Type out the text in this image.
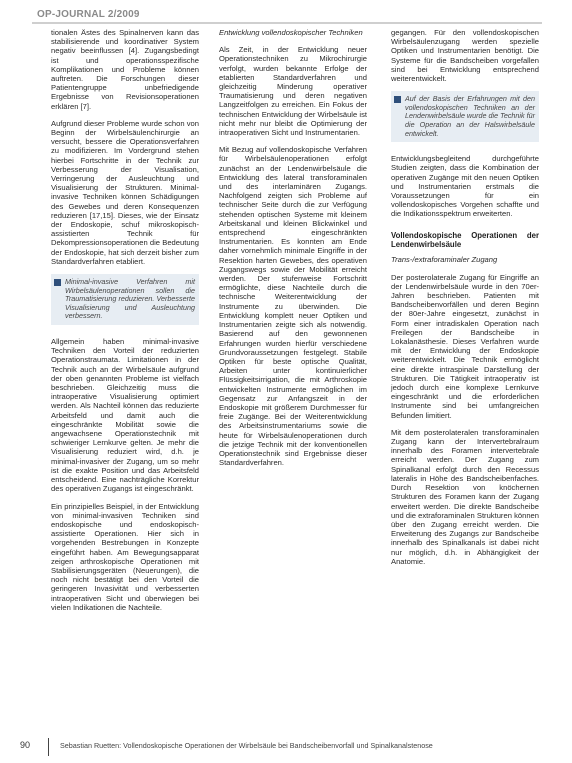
OP-JOURNAL 2/2009

tionalen Ästes des Spinalnerven kann das stabilisierende und koordinativer System negativ beeinflussen [4]. Zugangsbedingt ist und operationsspezifische Komplikationen und Probleme können auftreten. Die Forschungen dieser Patientengruppe unbefriedigende Ergebnisse von Revisionsoperationen erklären [7].

Aufgrund dieser Probleme wurde schon von Beginn der Wirbelsäulenchirurgie an versucht, bessere die Operationsverfahren zu modifizieren. Im Vordergrund stehen hierbei Fortschritte in der Technik zur Verbesserung der Visualisation, Verringerung der Ausleuchtung und Visualisierung der Strukturen. Minimal-invasive Techniken können Schädigungen des Gewebes und deren Konsequenzen reduzieren [17,15]. Dieses, wie der Einsatz der Endoskopie, schuf mikroskopisch-assistierten Technik für Dekompressionsoperationen die Bedeutung der Endoskopie, hat sich derzeit bisher zum Standardverfahren etabliert.

Minimal-invasive Verfahren mit Wirbelsäulenoperationen sollen die Traumatisierung reduzieren. Verbesserte Visualisierung und Ausleuchtung verbessern.

Allgemein haben minimal-invasive Techniken den Vorteil der reduzierten Operationstraumata. Limitationen in der Technik auch an der Wirbelsäule aufgrund der oben genannten Probleme ist vielfach beschrieben. Gleichzeitig muss die intraoperative Visualisierung optimiert werden. Als Nachteil können das reduzierte Arbeitsfeld und damit auch die eingeschränkte Mobilität sowie die angewachsene Operationstechnik mit schwieriger Lernkurve gelten. Je mehr die Visualisierung reduziert wird, d.h. je minimal-invasiver der Zugang, um so mehr ist die exakte Position und das Arbeitsfeld entscheidend. Eine nachträgliche Korrektur des operativen Zugangs ist eingeschränkt.

Ein prinzipielles Beispiel, in der Entwicklung von minimal-invasiven Techniken sind endoskopische und endoskopisch-assistierte Operationen. Hier sich in vorgehenden Bestrebungen in Konzepte eingeführt haben. Am Bewegungsapparat zeigen arthroskopische Operationen mit Stabilisierungsgeräten (Neuerungen), die noch nicht bestätigt bei den Vorteil die geringeren Invasivität und verbesserten intraoperativen Sicht und überwiegen bei vielen Indikationen die Nachteile.

Entwicklung vollendoskopischer Techniken

Als Zeit, in der Entwicklung neuer Operationstechniken zu Mikrochirurgie verfolgt, wurden bekannte Erfolge der etablierten Standardverfahren und gleichzeitig Minderung operativer Traumatisierung und deren negativen Langzeitfolgen zu erreichen. Ein Fokus der technischen Entwicklung der Wirbelsäule ist nicht mehr nur bleibt die Optimierung der intraoperativen Sicht und Instrumentarien.

Mit Bezug auf vollendoskopische Verfahren für Wirbelsäulenoperationen erfolgt zunächst an der Lendenwirbelsäule die Entwicklung des lateral transforaminalen und des interlaminären Zugangs. Nachfolgend zeigten sich Probleme auf technischer Seite durch die zur Verfügung stehenden optischen Systeme mit kleinem Arbeitskanal und kleinen Blickwinkel und entsprechend eingeschränkten Instrumentarien. Es konnten am Ende daher vornehmlich minimale Eingriffe in der Resektion harten Gewebes, des operativen Zugangswegs sowie der Mobilität erreicht werden. Der stufenweise Fortschritt ermöglichte, diese Nachteile durch die technische Weiterentwicklung der Instrumente zu überwinden. Die Entwicklung komplett neuer Optiken und Instrumentarien zeigte sich als notwendig. Basierend auf den gewonnenen Erfahrungen wurden hierfür verschiedene Grundvoraussetzungen festgelegt. Stabile Optiken für beste optische Qualität, Arbeiten unter kontinuierlicher Flüssigkeitsirrigation, die mit Arthroskopie entwickelten Instrumente ermöglichen im Gegensatz zur Anfangszeit in der Endoskopie mit größerem Durchmesser für freie Zugänge. Bei der Weiterentwicklung des Arbeitsinstrumentariums sowie die heute für Wirbelsäulenoperationen durch die jetzige Technik mit der konventionellen Operationstechnik sind Ergebnisse dieser Standardverfahren.

gegangen. Für den vollendoskopischen Wirbelsäulenzugang werden spezielle Optiken und Instrumentarien benötigt. Die Systeme für die Bandscheiben vorgefallen sind bei Entwicklung entsprechend weiterentwickelt.

Auf der Basis der Erfahrungen mit den vollendoskopischen Techniken an der Lendenwirbelsäule wurde die Technik für die Operation an der Halswirbelsäule entwickelt.

Entwicklungsbegleitend durchgeführte Studien zeigten, dass die Kombination der operativen Zugänge mit den neuen Optiken und Instrumentarien erstmals die Voraussetzungen für ein vollendoskopisches Vorgehen schaffte und die Indikationsspektrum erweiterten.

Vollendoskopische Operationen der Lendenwirbelsäule

Trans-/extraforaminaler Zugang

Der posterolaterale Zugang für Eingriffe an der Lendenwirbelsäule wurde in den 70er-Jahren beschrieben. Patienten mit Bandscheibenvorfällen und deren Beginn der 80er-Jahre eingesetzt, zunächst in Form einer intradiskalen Operation nach Freilegen der Bandscheibe in Lokalanästhesie. Dieses Verfahren wurde mit der Entwicklung der Endoskopie weiterentwickelt. Die Technik ermöglicht eine direkte intraspinale Darstellung der Strukturen. Die Tätigkeit intraoperativ ist jedoch durch eine komplexe Lernkurve eingeschränkt und die erforderlichen Instrumente sind bei umfangreichen Befunden limitiert.

Mit dem posterolateralen transforaminalen Zugang kann der Intervertebralraum innerhalb des Foramen intervertebrale erreicht werden. Der Zugang zum Spinalkanal erfolgt durch den Recessus lateralis in Höhe des Bandscheibenfaches. Durch Resektion von knöchernen Strukturen des Foramen kann der Zugang erweitert werden. Die direkte Bandscheibe und die extraforaminalen Strukturen können über den Zugang erreicht werden. Die Erweiterung des Zugangs zur Bandscheibe innerhalb des Spinalkanals ist dabei nicht nur möglich, d.h. in Abhängigkeit der Anatomie.

90	Sebastian Ruetten: Vollendoskopische Operationen der Wirbelsäule bei Bandscheibenvorfall und Spinalkanalstenose
